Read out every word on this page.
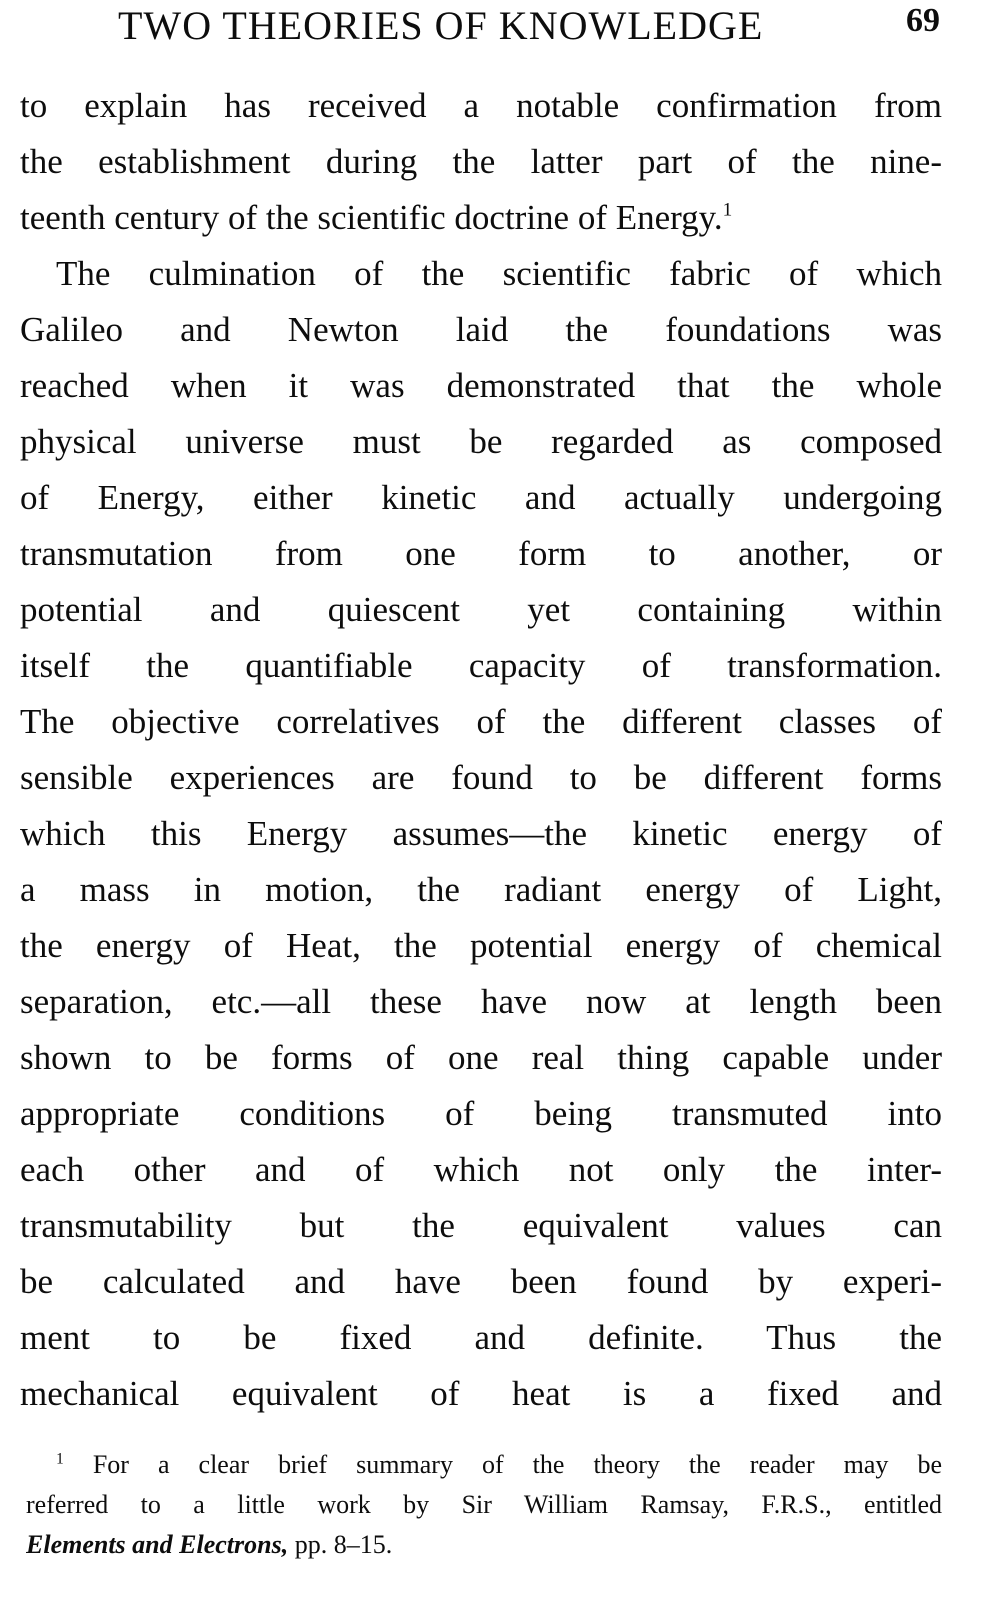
TWO THEORIES OF KNOWLEDGE	69
to explain has received a notable confirmation from
the establishment during the latter part of the nine-
teenth century of the scientific doctrine of Energy.$^1$
The culmination of the scientific fabric of which
Galileo and Newton laid the foundations was
reached when it was demonstrated that the whole
physical universe must be regarded as composed
of Energy, either kinetic and actually undergoing
transmutation from one form to another, or
potential and quiescent yet containing within
itself the quantifiable capacity of transformation.
The objective correlatives of the different classes of
sensible experiences are found to be different forms
which this Energy assumes—the kinetic energy of
a mass in motion, the radiant energy of Light,
the energy of Heat, the potential energy of chemical
separation, etc.—all these have now at length been
shown to be forms of one real thing capable under
appropriate conditions of being transmuted into
each other and of which not only the inter-
transmutability but the equivalent values can
be calculated and have been found by experi-
ment to be fixed and definite. Thus the
mechanical equivalent of heat is a fixed and
$^1$ For a clear brief summary of the theory the reader may be
referred to a little work by Sir William Ramsay, F.R.S., entitled
Elements and Electrons, pp. 8–15.
